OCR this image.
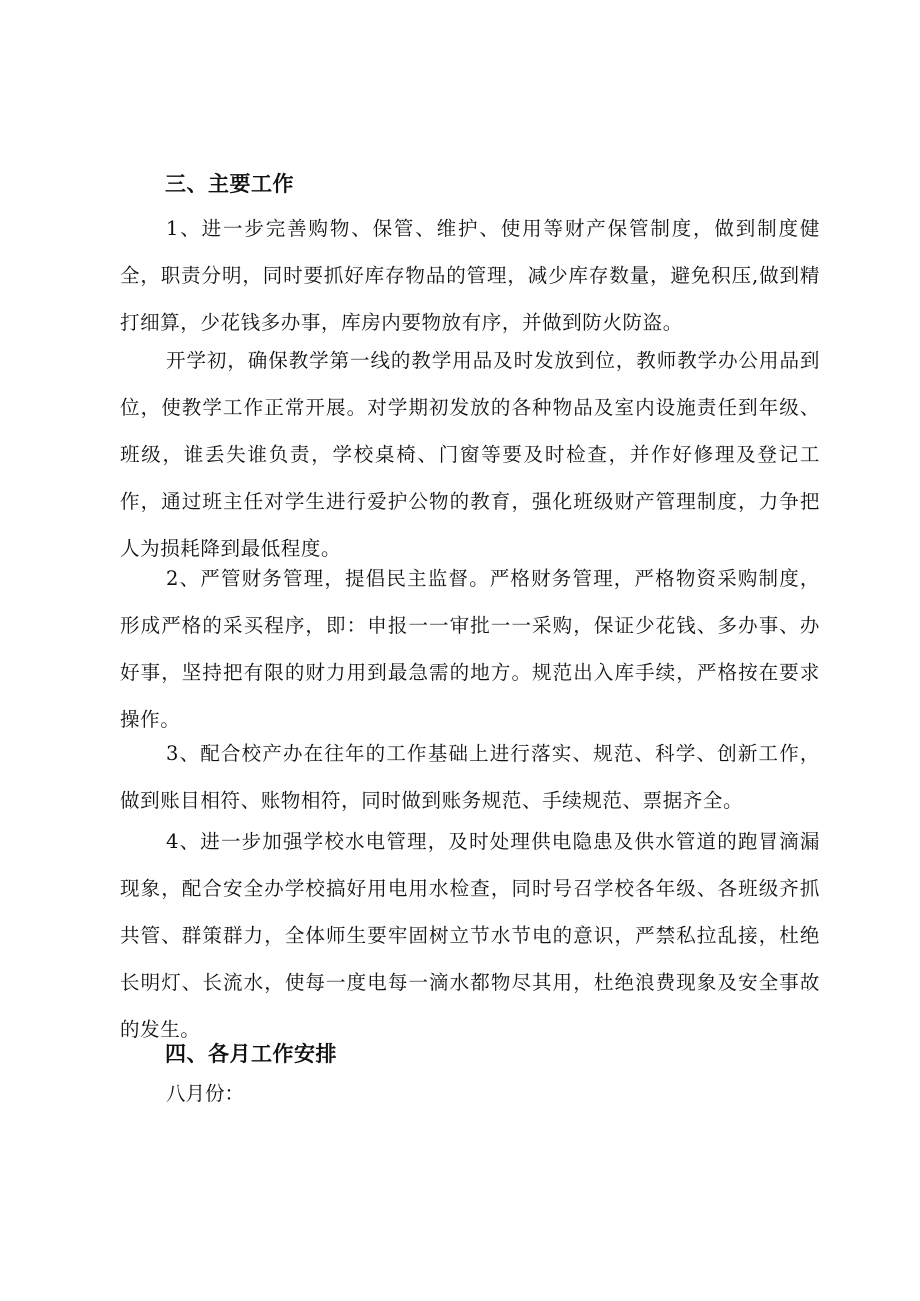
三、主要工作

1、进一步完善购物、保管、维护、使用等财产保管制度，做到制度健全，职责分明，同时要抓好库存物品的管理，减少库存数量，避免积压,做到精打细算，少花钱多办事，库房内要物放有序，并做到防火防盗。

开学初，确保教学第一线的教学用品及时发放到位，教师教学办公用品到位，使教学工作正常开展。对学期初发放的各种物品及室内设施责任到年级、班级，谁丢失谁负责，学校桌椅、门窗等要及时检查，并作好修理及登记工作，通过班主任对学生进行爱护公物的教育，强化班级财产管理制度，力争把人为损耗降到最低程度。

2、严管财务管理，提倡民主监督。严格财务管理，严格物资采购制度，形成严格的采买程序，即：申报一一审批一一采购，保证少花钱、多办事、办好事，坚持把有限的财力用到最急需的地方。规范出入库手续，严格按在要求操作。

3、配合校产办在往年的工作基础上进行落实、规范、科学、创新工作，做到账目相符、账物相符，同时做到账务规范、手续规范、票据齐全。

4、进一步加强学校水电管理，及时处理供电隐患及供水管道的跑冒滴漏现象，配合安全办学校搞好用电用水检查，同时号召学校各年级、各班级齐抓共管、群策群力，全体师生要牢固树立节水节电的意识，严禁私拉乱接，杜绝长明灯、长流水，使每一度电每一滴水都物尽其用，杜绝浪费现象及安全事故的发生。

四、各月工作安排
八月份：
